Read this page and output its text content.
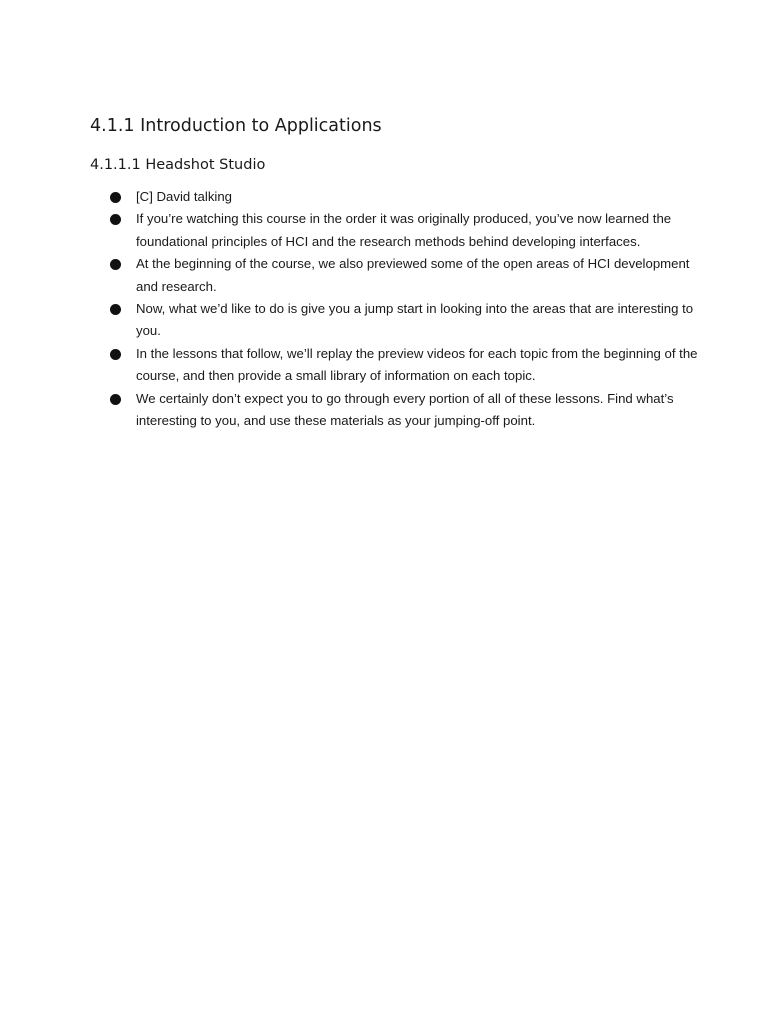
4.1.1 Introduction to Applications
4.1.1.1 Headshot Studio
[C] David talking
If you’re watching this course in the order it was originally produced, you’ve now learned the foundational principles of HCI and the research methods behind developing interfaces.
At the beginning of the course, we also previewed some of the open areas of HCI development and research.
Now, what we’d like to do is give you a jump start in looking into the areas that are interesting to you.
In the lessons that follow, we’ll replay the preview videos for each topic from the beginning of the course, and then provide a small library of information on each topic.
We certainly don’t expect you to go through every portion of all of these lessons. Find what’s interesting to you, and use these materials as your jumping-off point.
